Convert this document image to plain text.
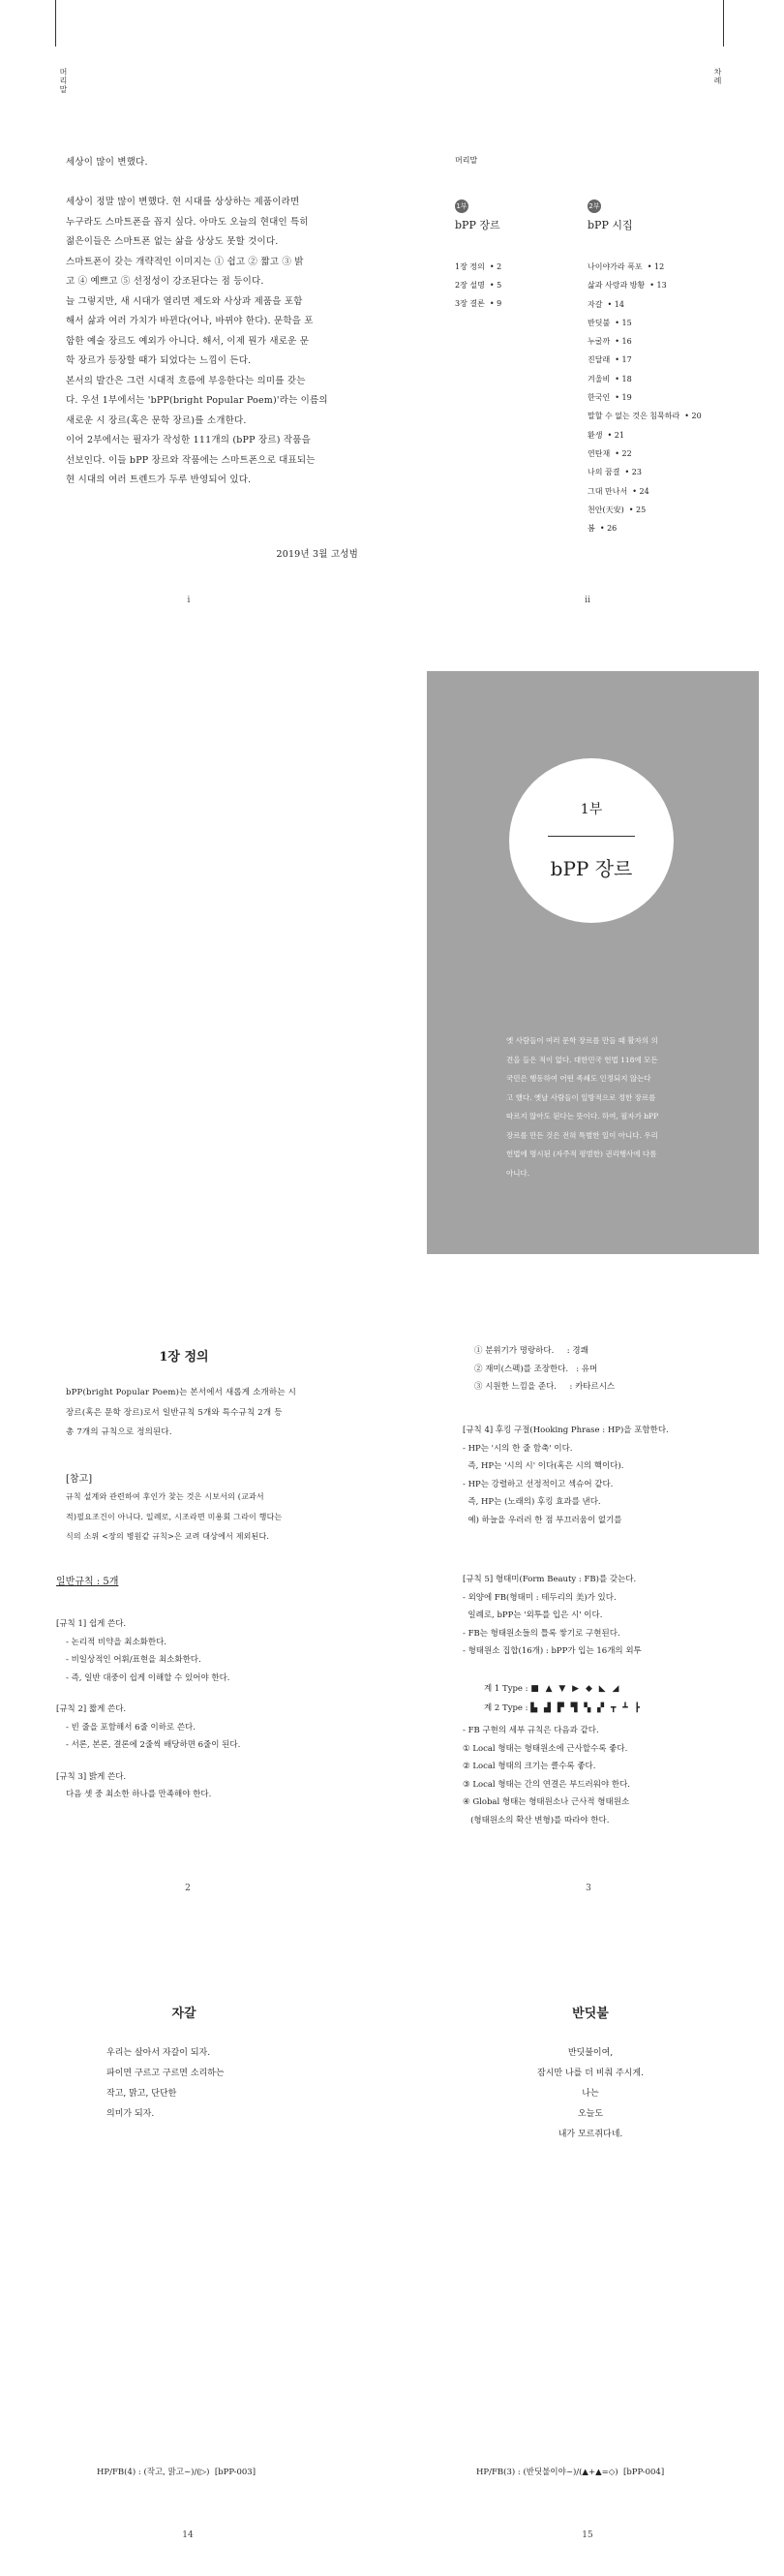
머리말	차례
세상이 많이 변했다.

세상이 정말 많이 변했다. 현 시대를 상상하는 제품이라면
누구라도 스마트폰을 꼽지 싶다. 아마도 오늘의 현대인 특히
젊은이들은 스마트폰 없는 삶을 상상도 못할 것이다.
스마트폰이 갖는 개략적인 이미지는 ① 쉽고 ② 짧고 ③ 밝
고 ④ 예쁘고 ⑤ 선정성이 강조된다는 점 등이다.
늘 그렇지만, 새 시대가 열리면 제도와 사상과 제품을 포함
해서 삶과 여러 가치가 바뀐다(어나, 바뀌야 한다). 문학을 포
함한 예술 장르도 예외가 아니다. 해서, 이제 뭔가 새로운 문
학 장르가 등장할 때가 되었다는 느낌이 든다.
본서의 발간은 그런 시대적 흐름에 부응한다는 의미를 갖는
다. 우선 1부에서는 'bPP(bright Popular Poem)'라는 이름의
새로운 시 장르(혹은 문학 장르)를 소개한다.
이어 2부에서는 필자가 작성한 111개의 (bPP 장르) 작품을
선보인다. 이들 bPP 장르와 작품에는 스마트폰으로 대표되는
현 시대의 여러 트렌드가 두루 반영되어 있다.
2019년 3월 고성범
i
머리말
1부
bPP 장르
1장 정의  • 2
2장 설명  • 5
3장 결론  • 9
2부
bPP 시집
나이야가라 폭포  • 12
삶과 사랑과 방황  • 13
자갈  • 14
반딧불  • 15
누굴까  • 16
진달래  • 17
겨울비  • 18
한국인  • 19
말할 수 없는 것은 침묵하라  • 20
환생  • 21
연탄재  • 22
나의 꿈결  • 23
그대 만나서  • 24
천안(天安)  • 25
봄  • 26
ii
1부
bPP 장르
옛 사람들이 여러 문학 장르를 만들 때 활자의 의
견을 들은 적이 없다. 대한민국 헌법 118에 모든
국민은 행동하여 어떤 족쇄도 인정되지 않는다
고 했다. 옛날 사람들이 일방적으로 정한 장르를
따르지 않아도 된다는 뜻이다. 하여, 필자가 bPP
장르를 만든 것은 전혀 특별한 일이 아니다. 우리
헌법에 명시된 (자주적 평범한) 권리행사에 다름
아니다.
1장 정의
bPP(bright Popular Poem)는 본서에서 새롭게 소개하는 시
장르(혹은 문학 장르)로서 일반규칙 5개와 특수규칙 2개 등
총 7개의 규칙으로 정의된다.
[참고]
규칙 설계와 관련하여 후인가 찾는 것은 시보서의 (교과서
적)필요조건이 아니다. 일례로, 시조라면 미용회 그라이 행다는
식의 소위 <장의 병원같 규칙>은 교려 대상에서 제외된다.
일반규칙 : 5개
[규칙 1] 쉽게 쓴다.
- 논리적 비약을 최소화한다.
- 비일상적인 어휘/표현을 최소화한다.
- 즉, 일반 대중이 쉽게 이해할 수 있어야 한다.
[규칙 2] 짧게 쓴다.
- 빈 줄을 포함해서 6줄 이하로 쓴다.
- 서론, 본론, 결론에 2줄씩 배당하면 6줄이 된다.
[규칙 3] 밝게 쓴다.
다음 셋 중 최소한 하나를 만족해야 한다.
2
① 분위기가 명랑하다.     : 경쾌
② 재미(스펙)를 조장한다.   : 유머
③ 시원한 느낌을 준다.     : 카타르시스
[규칙 4] 후킹 구절(Hooking Phrase : HP)을 포함한다.
- HP는 '시의 한 줄 함축' 이다.
즉, HP는 '시의 시' 이다(혹은 시의 핵이다).
- HP는 강렬하고 선정적이고 섹슈어 같다.
즉, HP는 (노래의) 후킹 효과를 낸다.
예) 하늘을 우러러 한 점 부끄러움이 없기를
[규칙 5] 형태미(Form Beauty : FB)를 갖는다.
- 외양에 FB(형태미 : 테두리의 美)가 있다.
일례로, bPP는 '외투를 입은 시' 이다.
- FB는 형태원소들의 틀록 쌓기로 구현된다.
- 형태원소 집합(16개) : bPP가 입는 16개의 외투
계 1 Type : ■ ▲ ▼ ▶ ◆ ◣ ◢
계 2 Type : ▙ ▟ ▛ ▜ ▚ ▞ ┳ ┻ ┣
- FB 구현의 세부 규칙은 다음과 같다.
① Local 형태는 형태원소에 근사할수록 좋다.
② Local 형태의 크기는 클수록 좋다.
③ Local 형태는 간의 연결은 부드러워야 한다.
④ Global 형태는 형태원소나 근사적 형태원소
(형태원소의 확산 변형)를 따라야 한다.
3
자갈
우리는 살아서 자갈이 되자.
파이면 구르고 구르면 소리하는
작고, 맑고, 단단한
의미가 되자.
HP/FB(4) : (작고, 맑고~)/(▷)  [bPP-003]
14
반딧불
반딧불이여,
잠시만 나를 더 비춰 주시게.
나는
오늘도
내가 모르쥐다네.
HP/FB(3) : (반딧불이야~)/(▲+▲=◇)  [bPP-004]
15
